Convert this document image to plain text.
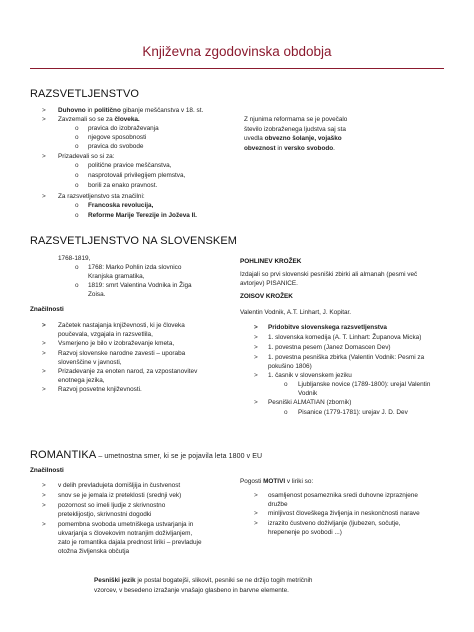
Književna zgodovinska obdobja
RAZSVETLJENSTVO
> Duhovno in politično gibanje meščanstva v 18. st.
> Zavzemali so se za človeka.
o pravica do izobraževanja
o njegove sposobnosti
o pravica do svobode
> Prizadevali so si za:
o politične pravice meščanstva,
o nasprotovali privilegijem plemstva,
o borili za enako pravnost.
> Za razsvetljenstvo sta značilni:
o Francoska revolucija,
o Reforme Marije Terezije in Joževa II.
Z njunima reformama se je povečalo
število izobraženega ljudstva saj sta
uvedla obvezno šolanje, vojaško
obveznost in versko svobodo.
RAZSVETLJENSTVO NA SLOVENSKEM
1768-1819,
o 1768: Marko Pohlin izda slovnico
Kranjska gramatika,
o 1819: smrt Valentina Vodnika in Žiga
Zoisa.
Značilnosti
> Začetek nastajanja književnosti, ki je človeka
poučevala, vzgajala in razsvetlila,
> Vsmerjeno je bilo v izobraževanje kmeta,
> Razvoj slovenske narodne zavesti – uporaba
slovenščine v javnosti,
> Prizadevanje za enoten narod, za vzpostanovitev
enotnega jezika,
> Razvoj posvetne književnosti.
POHLINEV KROŽEK
Izdajali so prvi slovenski pesniški zbirki ali almanah (pesmi več
avtorjev) PISANICE.
ZOISOV KROŽEK
Valentin Vodnik, A.T. Linhart, J. Kopitar.
> Pridobitve slovenskega razsvetljenstva
> 1. slovenska komedija (A. T. Linhart: Županova Micka)
> 1. povestna pesem (Janez Domascen Dev)
> 1. povestna pesniška zbirka (Valentin Vodnik: Pesmi za
pokušino 1806)
> 1. časnik v slovenskem jeziku
o Ljubljanske novice (1789-1800): urejal Valentin
Vodnik
> Pesniški ALMATIAN (zbornik)
o Pisanice (1779-1781): urejav J. D. Dev
ROMANTIKA – umetnostna smer, ki se je pojavila leta 1800 v EU
Značilnosti
> v delih prevladujeta domišljija in čustvenost
> snov se je jemala iz preteklosti (srednji vek)
> pozornost so imeli ljudje z skrivnostno
preteklijostjo, skrivnostni dogodki
> pomembna svoboda umetniškega ustvarjanja in
ukvarjanja s človekovim notranjim doživljanjem,
zato je romantika dajala prednost liriki – prevladuje
otožna življenska občutja
Pogosti MOTIVI v liriki so:
> osamljenost posameznika sredi duhovne izpraznjene
družbe
> minljivost človeškega življenja in neskončnosti narave
> izrazito čustveno doživljanje (ljubezen, sočutje,
hrepenenje po svobodi ...)
Pesniški jezik je postal bogatejši, slikovit, pesniki se ne držijo togih metričnih
vzorcev, v besedeno izražanje vnašajo glasbeno in barvne elemente.
